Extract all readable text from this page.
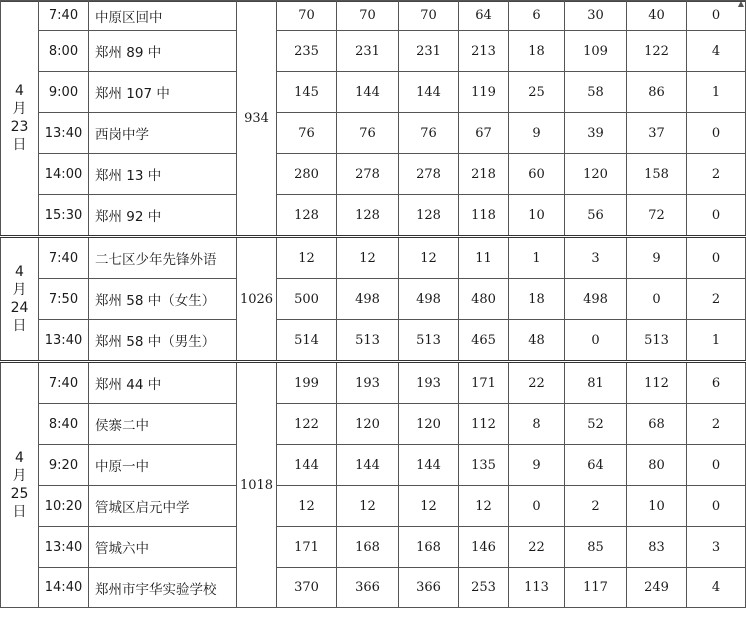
▲
4
月
23
日	7:40	中原区回中	934	70	70	70	64	6	30	40	0
	8:00	郑州 89 中		235	231	231	213	18	109	122	4
	9:00	郑州 107 中		145	144	144	119	25	58	86	1
	13:40	西岗中学		76	76	76	67	9	39	37	0
	14:00	郑州 13 中		280	278	278	218	60	120	158	2
	15:30	郑州 92 中		128	128	128	118	10	56	72	0

4
月
24
日	7:40	二七区少年先锋外语	1026	12	12	12	11	1	3	9	0
	7:50	郑州 58 中（女生）		500	498	498	480	18	498	0	2
	13:40	郑州 58 中（男生）		514	513	513	465	48	0	513	1

4
月
25
日	7:40	郑州 44 中	1018	199	193	193	171	22	81	112	6
	8:40	侯寨二中		122	120	120	112	8	52	68	2
	9:20	中原一中		144	144	144	135	9	64	80	0
	10:20	管城区启元中学		12	12	12	12	0	2	10	0
	13:40	管城六中		171	168	168	146	22	85	83	3
	14:40	郑州市宇华实验学校		370	366	366	253	113	117	249	4
